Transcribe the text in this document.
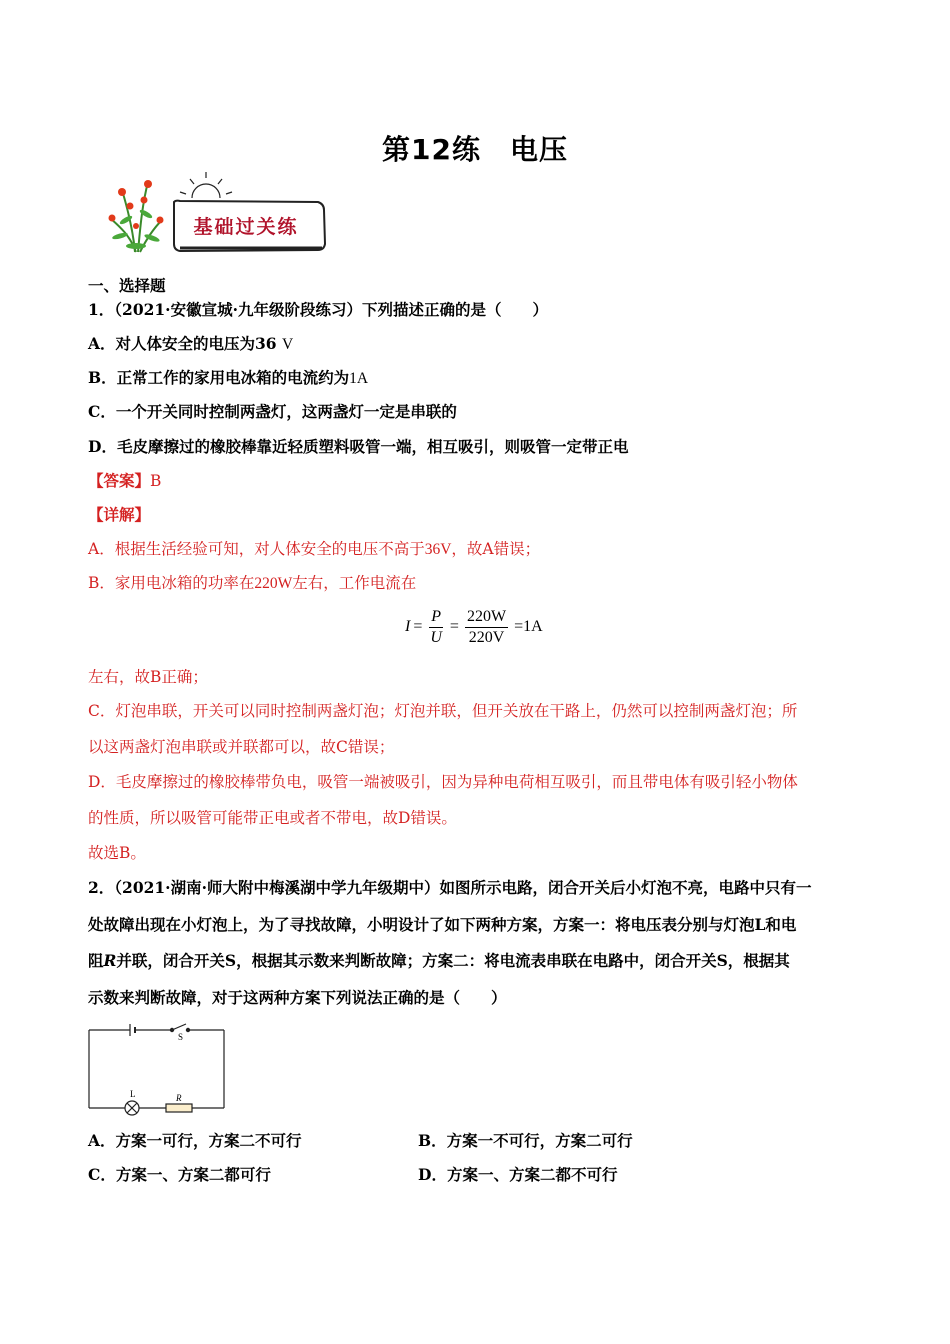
第12练　电压
基础过关练
一、选择题
1．（2021·安徽宣城·九年级阶段练习）下列描述正确的是（　　）
A．对人体安全的电压为36 V
B．正常工作的家用电冰箱的电流约为1A
C．一个开关同时控制两盏灯，这两盏灯一定是串联的
D．毛皮摩擦过的橡胶棒靠近轻质塑料吸管一端，相互吸引，则吸管一定带正电
【答案】B
【详解】
A．根据生活经验可知，对人体安全的电压不高于36V，故A错误；
B．家用电冰箱的功率在220W左右，工作电流在
$I = \frac{P}{U} = \frac{220W}{220V} =1A$
左右，故B正确；
C．灯泡串联，开关可以同时控制两盏灯泡；灯泡并联，但开关放在干路上，仍然可以控制两盏灯泡；所
以这两盏灯泡串联或并联都可以，故C错误；
D．毛皮摩擦过的橡胶棒带负电，吸管一端被吸引，因为异种电荷相互吸引，而且带电体有吸引轻小物体
的性质，所以吸管可能带正电或者不带电，故D错误。
故选B。
2．（2021·湖南·师大附中梅溪湖中学九年级期中）如图所示电路，闭合开关后小灯泡不亮，电路中只有一
处故障出现在小灯泡上，为了寻找故障，小明设计了如下两种方案，方案一：将电压表分别与灯泡L和电
阻R并联，闭合开关S，根据其示数来判断故障；方案二：将电流表串联在电路中，闭合开关S，根据其
示数来判断故障，对于这两种方案下列说法正确的是（　　）
S
L	R
A．方案一可行，方案二不可行	B．方案一不可行，方案二可行
C．方案一、方案二都可行	D．方案一、方案二都不可行
